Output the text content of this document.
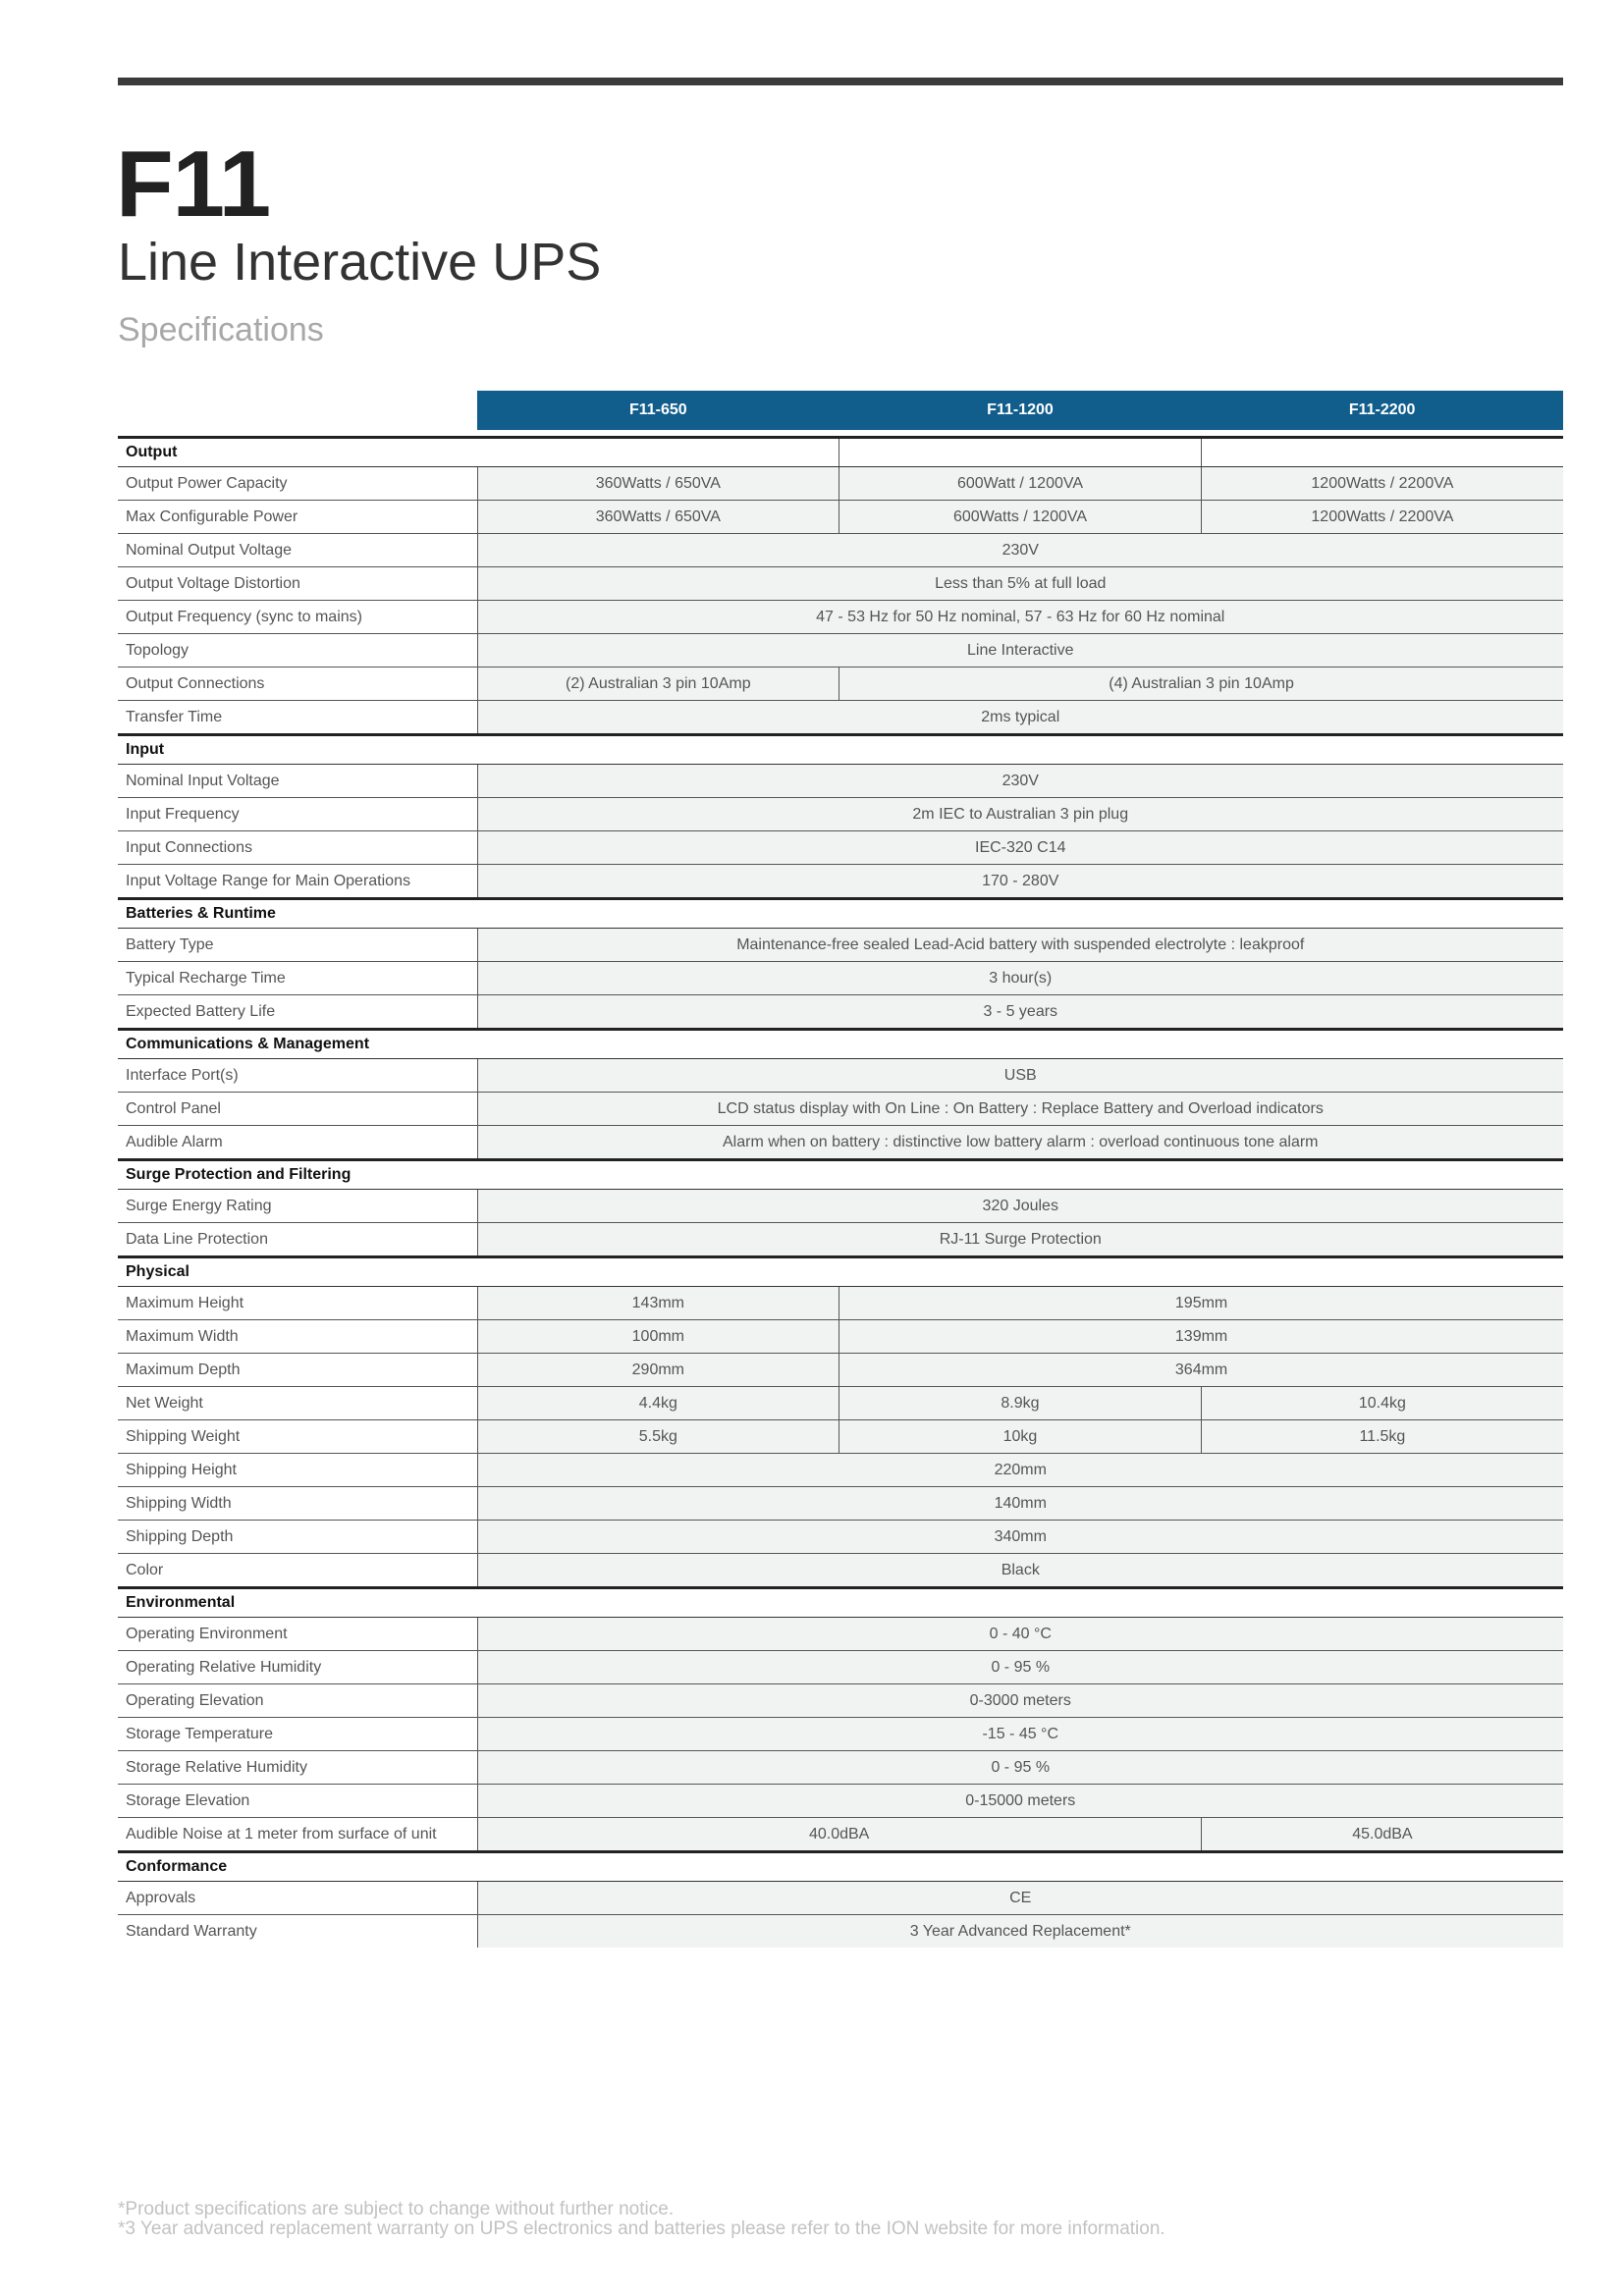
F11
Line Interactive UPS
Specifications
	F11-650	F11-1200	F11-2200

Output			
Output Power Capacity	360Watts / 650VA	600Watt / 1200VA	1200Watts / 2200VA
Max Configurable Power	360Watts / 650VA	600Watts / 1200VA	1200Watts / 2200VA
Nominal Output Voltage	230V		
Output Voltage Distortion	Less than 5% at full load		
Output Frequency (sync to mains)	47 - 53 Hz for 50 Hz nominal, 57 - 63 Hz for 60 Hz nominal		
Topology	Line Interactive		
Output Connections	(2) Australian 3 pin 10Amp	(4) Australian 3 pin 10Amp	
Transfer Time	2ms typical		
Input			
Nominal Input Voltage	230V		
Input Frequency	2m IEC to Australian 3 pin plug		
Input Connections	IEC-320 C14		
Input Voltage Range for Main Operations	170 - 280V		
Batteries & Runtime			
Battery Type	Maintenance-free sealed Lead-Acid battery with suspended electrolyte : leakproof		
Typical Recharge Time	3 hour(s)		
Expected Battery Life	3 - 5 years		
Communications & Management			
Interface Port(s)	USB		
Control Panel	LCD status display with On Line : On Battery : Replace Battery and Overload indicators		
Audible Alarm	Alarm when on battery : distinctive low battery alarm : overload continuous tone alarm		
Surge Protection and Filtering			
Surge Energy Rating	320 Joules		
Data Line Protection	RJ-11 Surge Protection		
Physical			
Maximum Height	143mm	195mm	
Maximum Width	100mm	139mm	
Maximum Depth	290mm	364mm	
Net Weight	4.4kg	8.9kg	10.4kg
Shipping Weight	5.5kg	10kg	11.5kg
Shipping Height	220mm		
Shipping Width	140mm		
Shipping Depth	340mm		
Color	Black		
Environmental			
Operating Environment	0 - 40 °C		
Operating Relative Humidity	0 - 95 %		
Operating Elevation	0-3000 meters		
Storage Temperature	-15 - 45 °C		
Storage Relative Humidity	0 - 95 %		
Storage Elevation	0-15000 meters		
Audible Noise at 1 meter from surface of unit	40.0dBA		45.0dBA
Conformance			
Approvals	CE		
Standard Warranty	3 Year Advanced Replacement*		
*Product specifications are subject to change without further notice.
*3 Year advanced replacement warranty on UPS electronics and batteries please refer to the ION website for more information.
